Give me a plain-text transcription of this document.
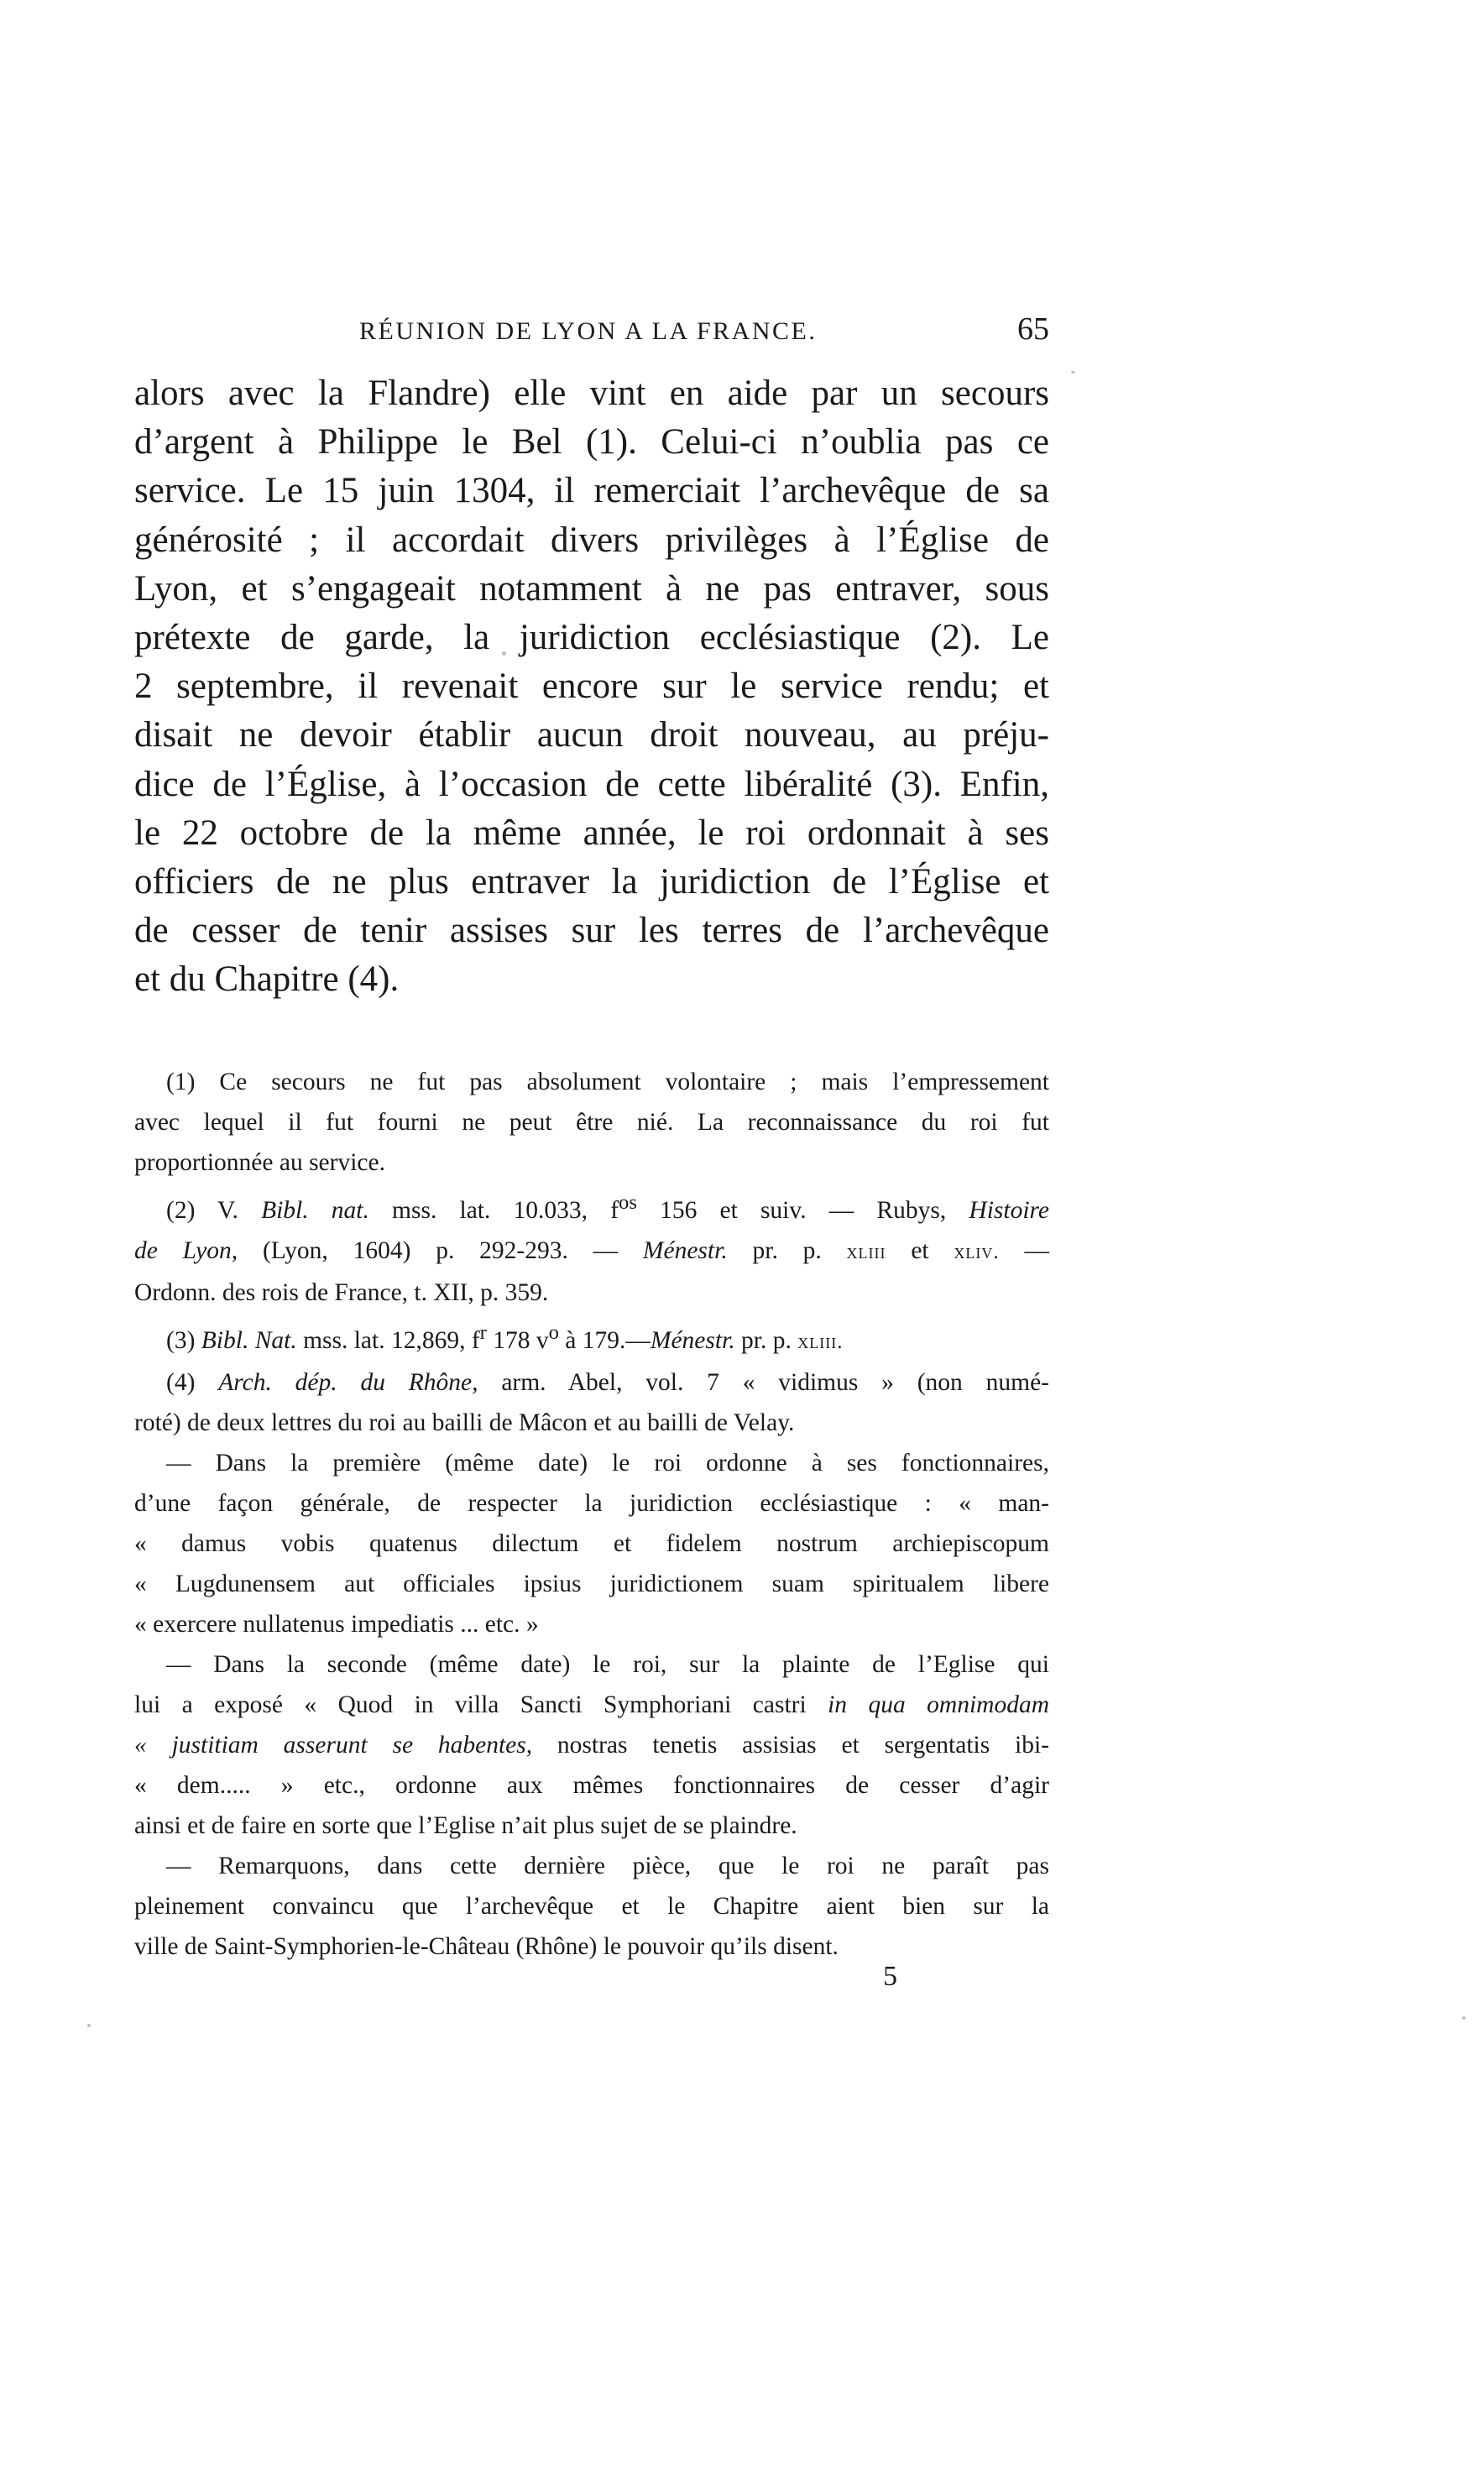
RÉUNION DE LYON A LA FRANCE.	65
alors avec la Flandre) elle vint en aide par un secours
d’argent à Philippe le Bel (1). Celui-ci n’oublia pas ce
service. Le 15 juin 1304, il remerciait l’archevêque de sa
générosité ; il accordait divers privilèges à l’Église de
Lyon, et s’engageait notamment à ne pas entraver, sous
prétexte de garde, la juridiction ecclésiastique (2). Le
2 septembre, il revenait encore sur le service rendu; et
disait ne devoir établir aucun droit nouveau, au préju-
dice de l’Église, à l’occasion de cette libéralité (3). Enfin,
le 22 octobre de la même année, le roi ordonnait à ses
officiers de ne plus entraver la juridiction de l’Église et
de cesser de tenir assises sur les terres de l’archevêque
et du Chapitre (4).
(1) Ce secours ne fut pas absolument volontaire ; mais l’empressement
avec lequel il fut fourni ne peut être nié. La reconnaissance du roi fut
proportionnée au service.
(2) V. Bibl. nat. mss. lat. 10.033, $f^{os}$ 156 et suiv. — Rubys, Histoire
de Lyon, (Lyon, 1604) p. 292-293. — Ménestr. pr. p. xliii et xliv. —
Ordonn. des rois de France, t. XII, p. 359.
(3) Bibl. Nat. mss. lat. 12,869, $f^r$ 178 $v^o$ à 179.—Ménestr. pr. p. xliii.
(4) Arch. dép. du Rhône, arm. Abel, vol. 7 « vidimus » (non numé-
roté) de deux lettres du roi au bailli de Mâcon et au bailli de Velay.
— Dans la première (même date) le roi ordonne à ses fonctionnaires,
d’une façon générale, de respecter la juridiction ecclésiastique : « man-
« damus vobis quatenus dilectum et fidelem nostrum archiepiscopum
« Lugdunensem aut officiales ipsius juridictionem suam spiritualem libere
« exercere nullatenus impediatis ... etc. »
— Dans la seconde (même date) le roi, sur la plainte de l’Eglise qui
lui a exposé « Quod in villa Sancti Symphoriani castri in qua omnimodam
« justitiam asserunt se habentes, nostras tenetis assisias et sergentatis ibi-
« dem..... » etc., ordonne aux mêmes fonctionnaires de cesser d’agir
ainsi et de faire en sorte que l’Eglise n’ait plus sujet de se plaindre.
— Remarquons, dans cette dernière pièce, que le roi ne paraît pas
pleinement convaincu que l’archevêque et le Chapitre aient bien sur la
ville de Saint-Symphorien-le-Château (Rhône) le pouvoir qu’ils disent.
5
